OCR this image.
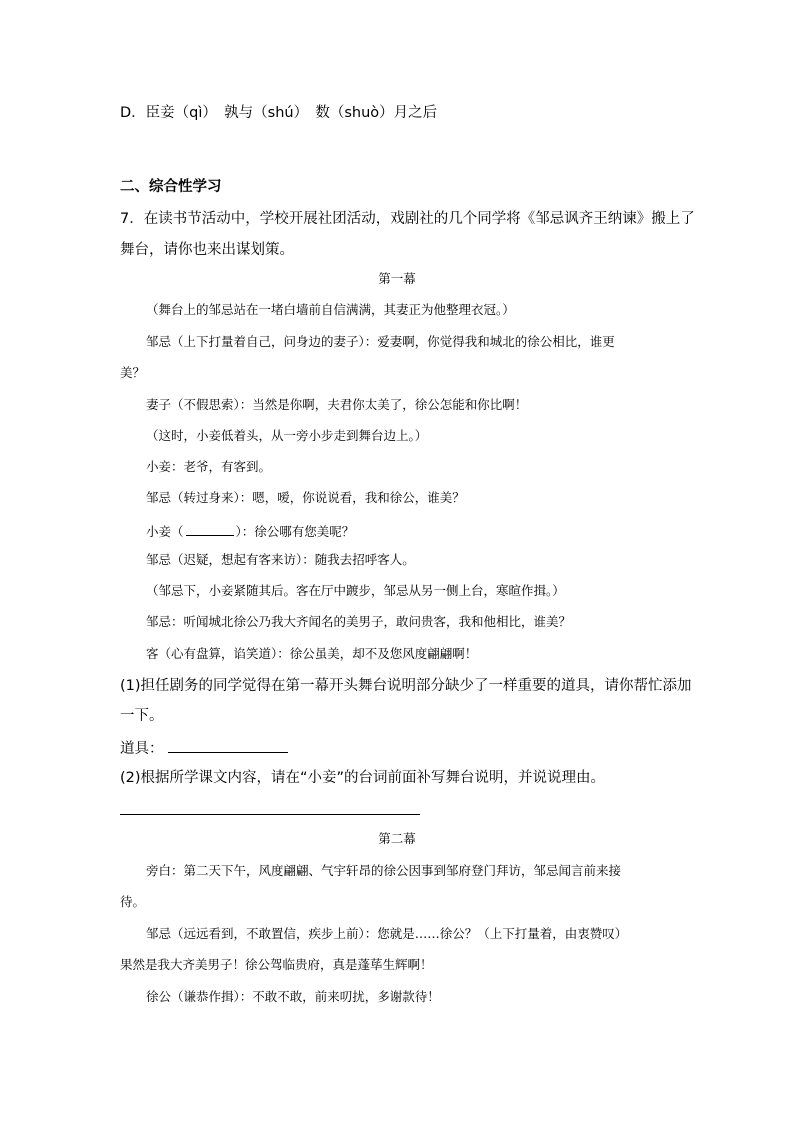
D．臣妾（qì）　孰与（shú）　数（shuò）月之后
二、综合性学习
7．在读书节活动中，学校开展社团活动，戏剧社的几个同学将《邹忌讽齐王纳谏》搬上了
舞台，请你也来出谋划策。
第一幕
（舞台上的邹忌站在一堵白墙前自信满满，其妻正为他整理衣冠。）
邹忌（上下打量着自己，问身边的妻子）：爱妻啊，你觉得我和城北的徐公相比，谁更
美？
妻子（不假思索）：当然是你啊，夫君你太美了，徐公怎能和你比啊！
（这时，小妾低着头，从一旁小步走到舞台边上。）
小妾：老爷，有客到。
邹忌（转过身来）：嗯，嗳，你说说看，我和徐公，谁美？
小妾（	）：徐公哪有您美呢？
邹忌（迟疑，想起有客来访）：随我去招呼客人。
（邹忌下，小妾紧随其后。客在厅中踱步，邹忌从另一侧上台，寒暄作揖。）
邹忌：听闻城北徐公乃我大齐闻名的美男子，敢问贵客，我和他相比，谁美？
客（心有盘算，谄笑道）：徐公虽美，却不及您风度翩翩啊！
(1)担任剧务的同学觉得在第一幕开头舞台说明部分缺少了一样重要的道具，请你帮忙添加
一下。
道具：
(2)根据所学课文内容，请在“小妾”的台词前面补写舞台说明，并说说理由。
第二幕
旁白：第二天下午，风度翩翩、气宇轩昂的徐公因事到邹府登门拜访，邹忌闻言前来接
待。
邹忌（远远看到，不敢置信，疾步上前）：您就是……徐公？（上下打量着，由衷赞叹）
果然是我大齐美男子！徐公驾临贵府，真是蓬荜生辉啊！
徐公（谦恭作揖）：不敢不敢，前来叨扰，多谢款待！
